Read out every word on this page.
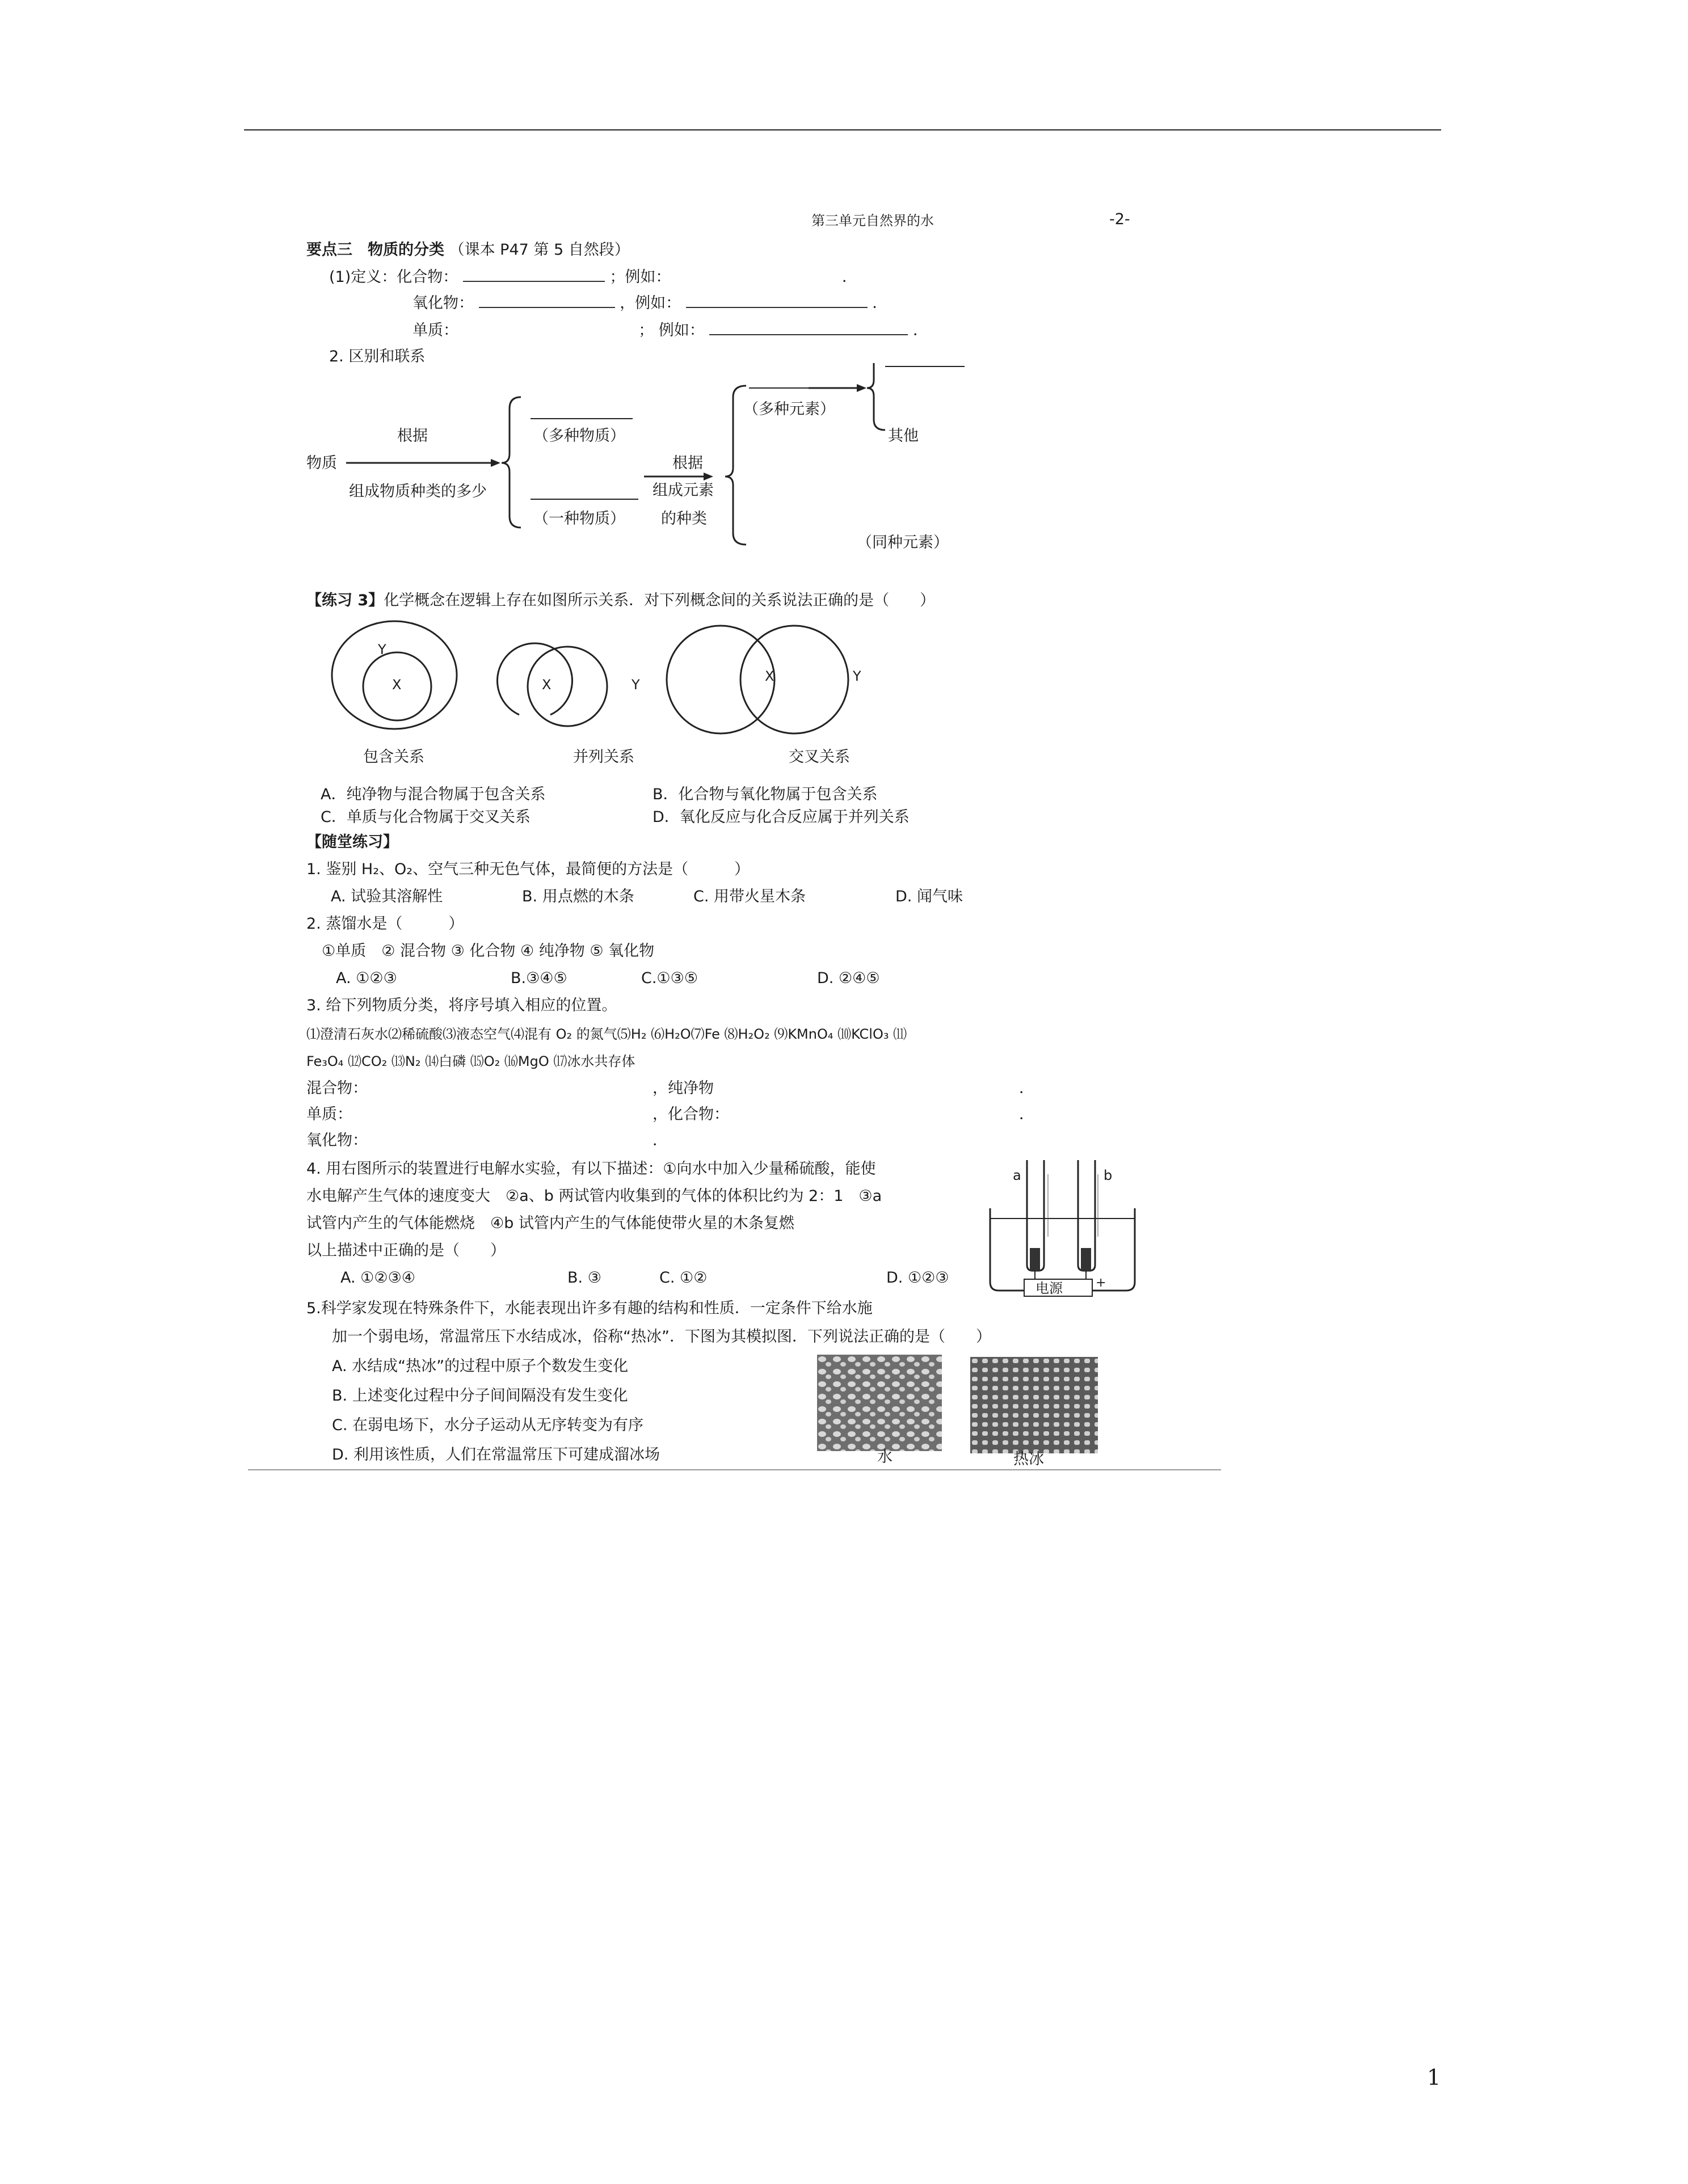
第三单元自然界的水	-2-
要点三　物质的分类 （课本 P47 第 5 自然段）
(1)定义：化合物：	；例如：	．
氧化物：	，例如：	．
单质：	； 例如：	．
2. 区别和联系
物质
根据
组成物质种类的多少
（多种物质）
（一种物质）
根据
组成元素
的种类
（多种元素）
其他
（同种元素）
【练习 3】化学概念在逻辑上存在如图所示关系．对下列概念间的关系说法正确的是（　　）
Y
X	X	Y
X	Y
包含关系	并列关系	交叉关系
A．纯净物与混合物属于包含关系	B．化合物与氧化物属于包含关系
C．单质与化合物属于交叉关系	D．氧化反应与化合反应属于并列关系
【随堂练习】
1. 鉴别 H₂、O₂、空气三种无色气体，最简便的方法是（　　　）
A. 试验其溶解性	B. 用点燃的木条	C. 用带火星木条	D. 闻气味
2. 蒸馏水是（　　　）
①单质　② 混合物 ③ 化合物 ④ 纯净物 ⑤ 氧化物
A. ①②③	B.③④⑤	C.①③⑤	D. ②④⑤
3. 给下列物质分类，将序号填入相应的位置。
⑴澄清石灰水⑵稀硫酸⑶液态空气⑷混有 O₂ 的氮气⑸H₂ ⑹H₂O⑺Fe ⑻H₂O₂ ⑼KMnO₄ ⑽KClO₃ ⑾
Fe₃O₄ ⑿CO₂ ⒀N₂ ⒁白磷 ⒂O₂ ⒃MgO ⒄冰水共存体
混合物：	，纯净物	．
单质：	，化合物：	．
氧化物：	．
4. 用右图所示的装置进行电解水实验，有以下描述：①向水中加入少量稀硫酸，能使
水电解产生气体的速度变大　②a、b 两试管内收集到的气体的体积比约为 2：1　③a
试管内产生的气体能燃烧　④b 试管内产生的气体能使带火星的木条复燃
以上描述中正确的是（　　）
A. ①②③④	B. ③	C. ①②	D. ①②③	+
a	b
电源
5.科学家发现在特殊条件下，水能表现出许多有趣的结构和性质．一定条件下给水施
加一个弱电场，常温常压下水结成冰，俗称“热冰”．下图为其模拟图．下列说法正确的是（　　）
A. 水结成“热冰”的过程中原子个数发生变化
B. 上述变化过程中分子间间隔没有发生变化
C. 在弱电场下，水分子运动从无序转变为有序
D. 利用该性质，人们在常温常压下可建成溜冰场	水	热冰
1
